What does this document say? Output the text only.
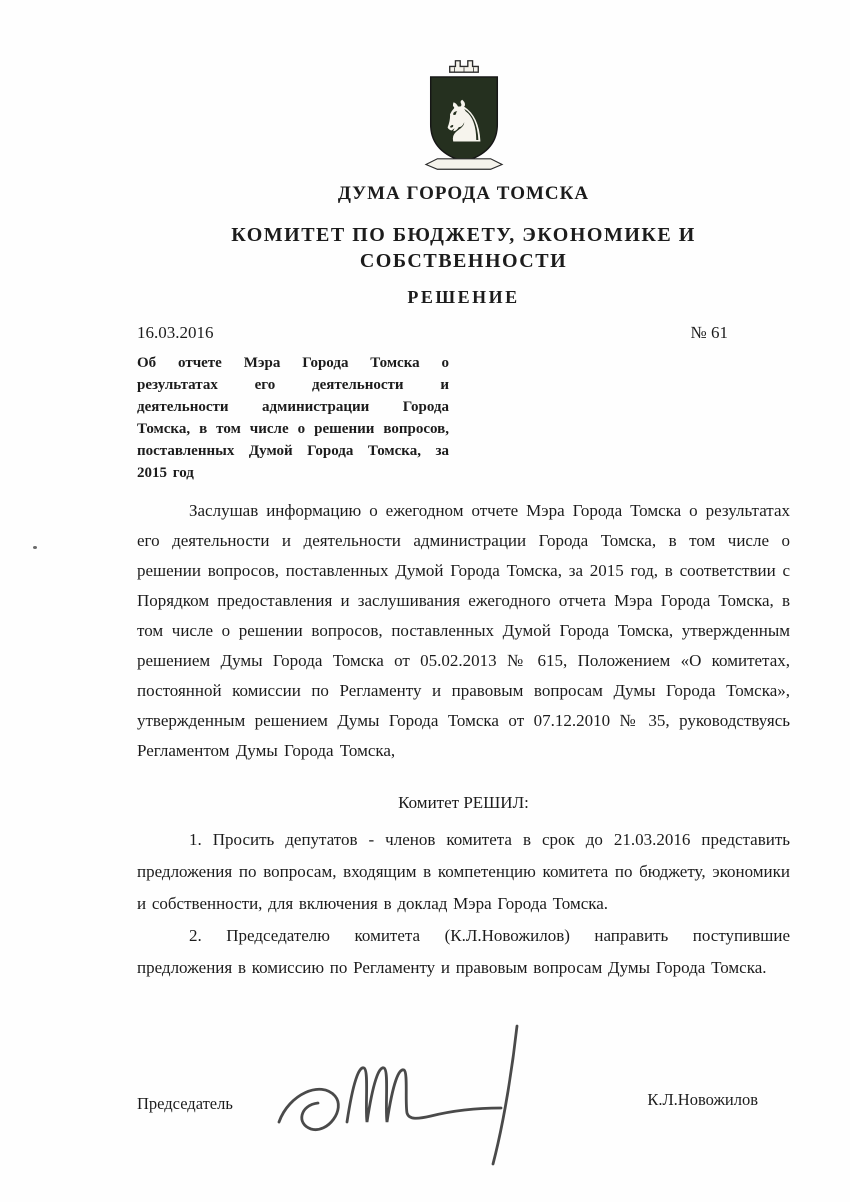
♞
ДУМА ГОРОДА ТОМСКА
КОМИТЕТ ПО БЮДЖЕТУ, ЭКОНОМИКЕ И СОБСТВЕННОСТИ
РЕШЕНИЕ
16.03.2016	№ 61

Об отчете Мэра Города Томска о результатах его деятельности и деятельности администрации Города Томска, в том числе о решении вопросов, поставленных Думой Города Томска, за 2015 год

Заслушав информацию о ежегодном отчете Мэра Города Томска о результатах его деятельности и деятельности администрации Города Томска, в том числе о решении вопросов, поставленных Думой Города Томска, за 2015 год, в соответствии с Порядком предоставления и заслушивания ежегодного отчета Мэра Города Томска, в том числе о решении вопросов, поставленных Думой Города Томска, утвержденным решением Думы Города Томска от 05.02.2013 № 615, Положением «О комитетах, постоянной комиссии по Регламенту и правовым вопросам Думы Города Томска», утвержденным решением Думы Города Томска от 07.12.2010 № 35, руководствуясь Регламентом Думы Города Томска,

Комитет РЕШИЛ:

1. Просить депутатов - членов комитета в срок до 21.03.2016 представить предложения по вопросам, входящим в компетенцию комитета по бюджету, экономики и собственности, для включения в доклад Мэра Города Томска.

2. Председателю комитета (К.Л.Новожилов) направить поступившие предложения в комиссию по Регламенту и правовым вопросам Думы Города Томска.

Председатель	К.Л.Новожилов
